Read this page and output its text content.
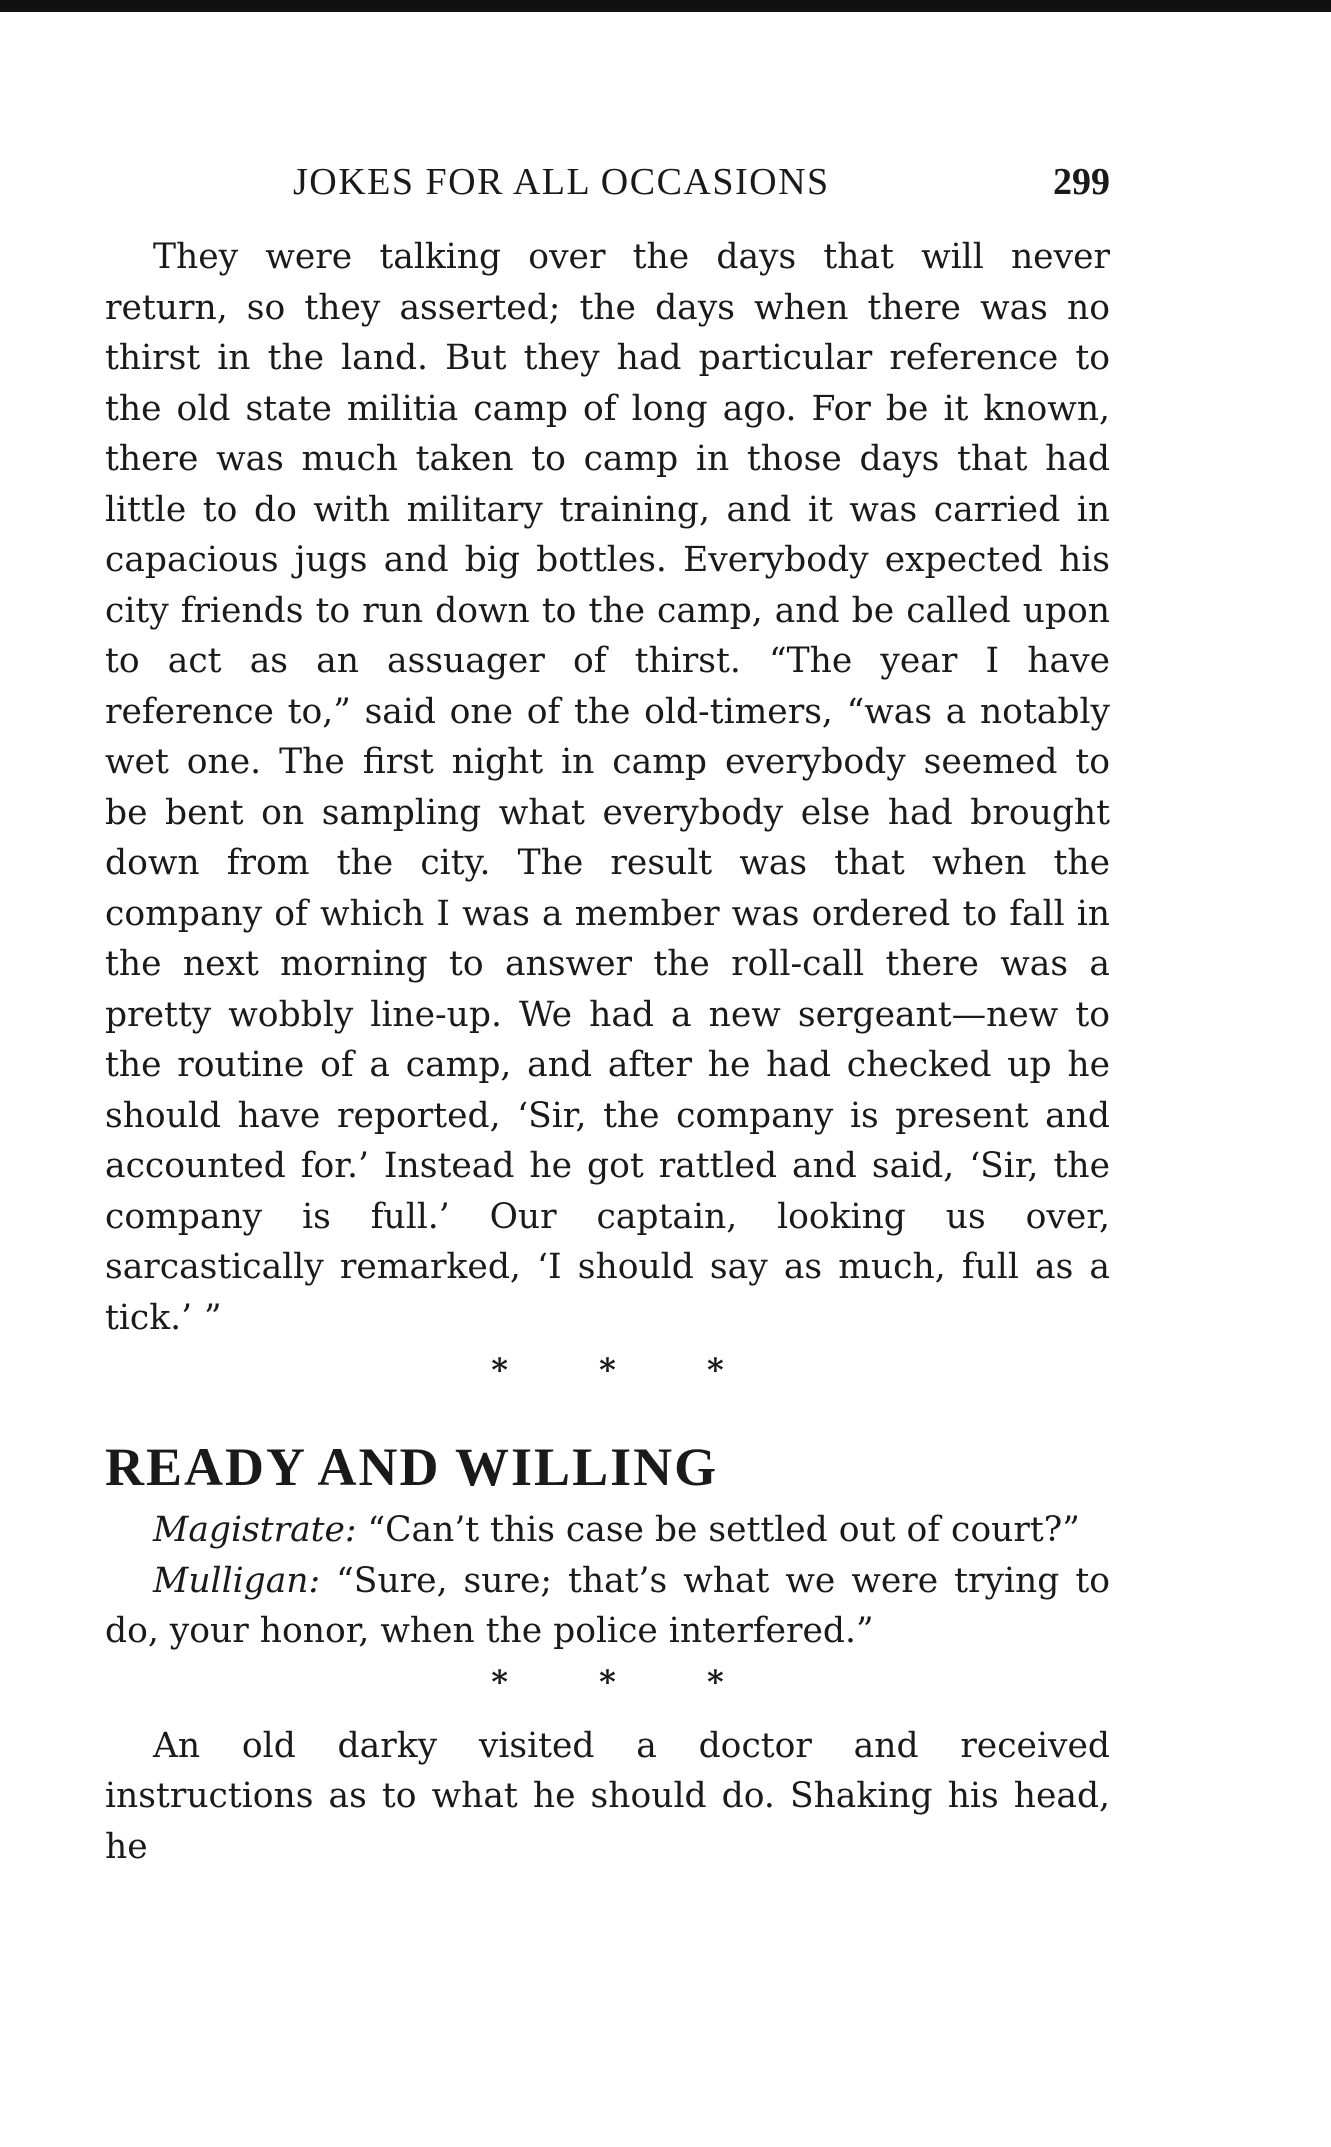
JOKES FOR ALL OCCASIONS	299

They were talking over the days that will never return, so they asserted; the days when there was no thirst in the land. But they had particular reference to the old state militia camp of long ago. For be it known, there was much taken to camp in those days that had little to do with military training, and it was carried in capacious jugs and big bottles. Everybody expected his city friends to run down to the camp, and be called upon to act as an assuager of thirst. “The year I have reference to,” said one of the old-timers, “was a notably wet one. The first night in camp everybody seemed to be bent on sampling what everybody else had brought down from the city. The result was that when the company of which I was a member was ordered to fall in the next morning to answer the roll-call there was a pretty wobbly line-up. We had a new sergeant—new to the routine of a camp, and after he had checked up he should have reported, ‘Sir, the company is present and accounted for.’ Instead he got rattled and said, ‘Sir, the company is full.’ Our captain, looking us over, sarcastically remarked, ‘I should say as much, full as a tick.’ ”

* * *
READY AND WILLING

Magistrate: “Can’t this case be settled out of court?”

Mulligan: “Sure, sure; that’s what we were trying to do, your honor, when the police interfered.”

* * *

An old darky visited a doctor and received instructions as to what he should do. Shaking his head, he
